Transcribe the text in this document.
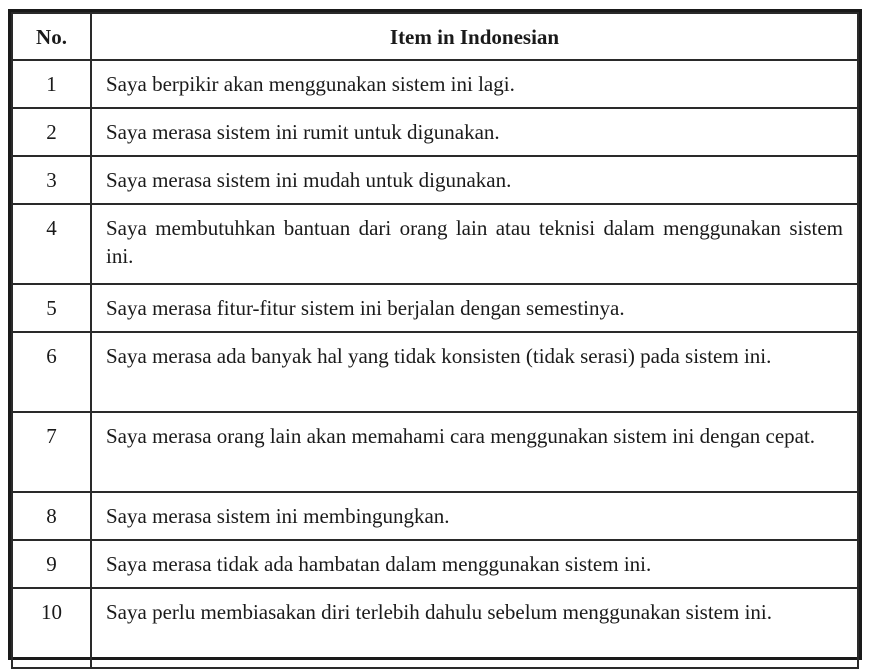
No.	Item in Indonesian
1	Saya berpikir akan menggunakan sistem ini lagi.
2	Saya merasa sistem ini rumit untuk digunakan.
3	Saya merasa sistem ini mudah untuk digunakan.
4	Saya membutuhkan bantuan dari orang lain atau teknisi dalam menggunakan sistem ini.
5	Saya merasa fitur-fitur sistem ini berjalan dengan semestinya.
6	Saya merasa ada banyak hal yang tidak konsisten (tidak serasi) pada sistem ini.
7	Saya merasa orang lain akan memahami cara menggunakan sistem ini dengan cepat.
8	Saya merasa sistem ini membingungkan.
9	Saya merasa tidak ada hambatan dalam menggunakan sistem ini.
10	Saya perlu membiasakan diri terlebih dahulu sebelum menggunakan sistem ini.
